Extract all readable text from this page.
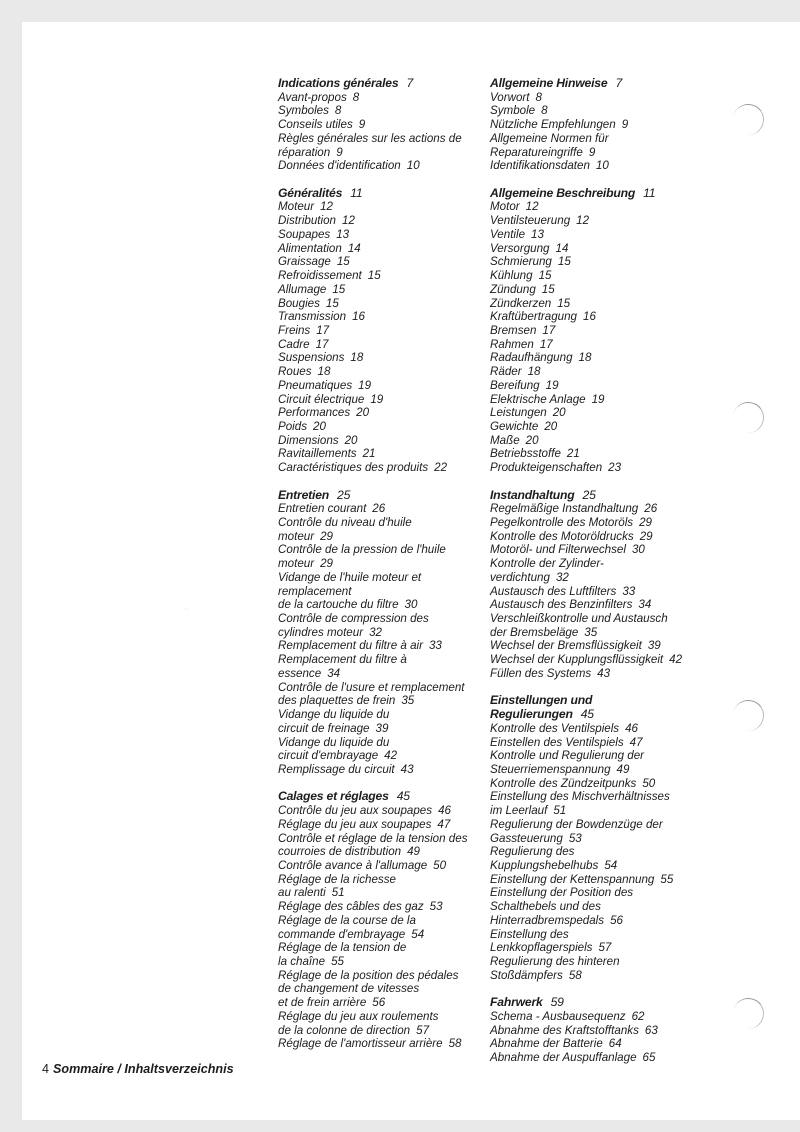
Indications générales 7
Avant-propos 8
Symboles 8
Conseils utiles 9
Règles générales sur les actions de
réparation 9
Données d'identification 10
Généralités 11
Moteur 12
Distribution 12
Soupapes 13
Alimentation 14
Graissage 15
Refroidissement 15
Allumage 15
Bougies 15
Transmission 16
Freins 17
Cadre 17
Suspensions 18
Roues 18
Pneumatiques 19
Circuit électrique 19
Performances 20
Poids 20
Dimensions 20
Ravitaillements 21
Caractéristiques des produits 22
Entretien 25
Entretien courant 26
Contrôle du niveau d'huile
moteur 29
Contrôle de la pression de l'huile
moteur 29
Vidange de l'huile moteur et
remplacement
de la cartouche du filtre 30
Contrôle de compression des
cylindres moteur 32
Remplacement du filtre à air 33
Remplacement du filtre à
essence 34
Contrôle de l'usure et remplacement
des plaquettes de frein 35
Vidange du liquide du
circuit de freinage 39
Vidange du liquide du
circuit d'embrayage 42
Remplissage du circuit 43
Calages et réglages 45
Contrôle du jeu aux soupapes 46
Réglage du jeu aux soupapes 47
Contrôle et réglage de la tension des
courroies de distribution 49
Contrôle avance à l'allumage 50
Réglage de la richesse
au ralenti 51
Réglage des câbles des gaz 53
Réglage de la course de la
commande d'embrayage 54
Réglage de la tension de
la chaîne 55
Réglage de la position des pédales
de changement de vitesses
et de frein arrière 56
Réglage du jeu aux roulements
de la colonne de direction 57
Réglage de l'amortisseur arrière 58
Allgemeine Hinweise 7
Vorwort 8
Symbole 8
Nützliche Empfehlungen 9
Allgemeine Normen für
Reparatureingriffe 9
Identifikationsdaten 10
Allgemeine Beschreibung 11
Motor 12
Ventilsteuerung 12
Ventile 13
Versorgung 14
Schmierung 15
Kühlung 15
Zündung 15
Zündkerzen 15
Kraftübertragung 16
Bremsen 17
Rahmen 17
Radaufhängung 18
Räder 18
Bereifung 19
Elektrische Anlage 19
Leistungen 20
Gewichte 20
Maße 20
Betriebsstoffe 21
Produkteigenschaften 23
Instandhaltung 25
Regelmäßige Instandhaltung 26
Pegelkontrolle des Motoröls 29
Kontrolle des Motoröldrucks 29
Motoröl- und Filterwechsel 30
Kontrolle der Zylinder-
verdichtung 32
Austausch des Luftfilters 33
Austausch des Benzinfilters 34
Verschleißkontrolle und Austausch
der Bremsbeläge 35
Wechsel der Bremsflüssigkeit 39
Wechsel der Kupplungsflüssigkeit 42
Füllen des Systems 43
Einstellungen und
Regulierungen 45
Kontrolle des Ventilspiels 46
Einstellen des Ventilspiels 47
Kontrolle und Regulierung der
Steuerriemenspannung 49
Kontrolle des Zündzeitpunks 50
Einstellung des Mischverhältnisses
im Leerlauf 51
Regulierung der Bowdenzüge der
Gassteuerung 53
Regulierung des
Kupplungshebelhubs 54
Einstellung der Kettenspannung 55
Einstellung der Position des
Schalthebels und des
Hinterradbremspedals 56
Einstellung des
Lenkkopflagerspiels 57
Regulierung des hinteren
Stoßdämpfers 58
Fahrwerk 59
Schema - Ausbausequenz 62
Abnahme des Kraftstofftanks 63
Abnahme der Batterie 64
Abnahme der Auspuffanlage 65
·.
4 Sommaire / Inhaltsverzeichnis
